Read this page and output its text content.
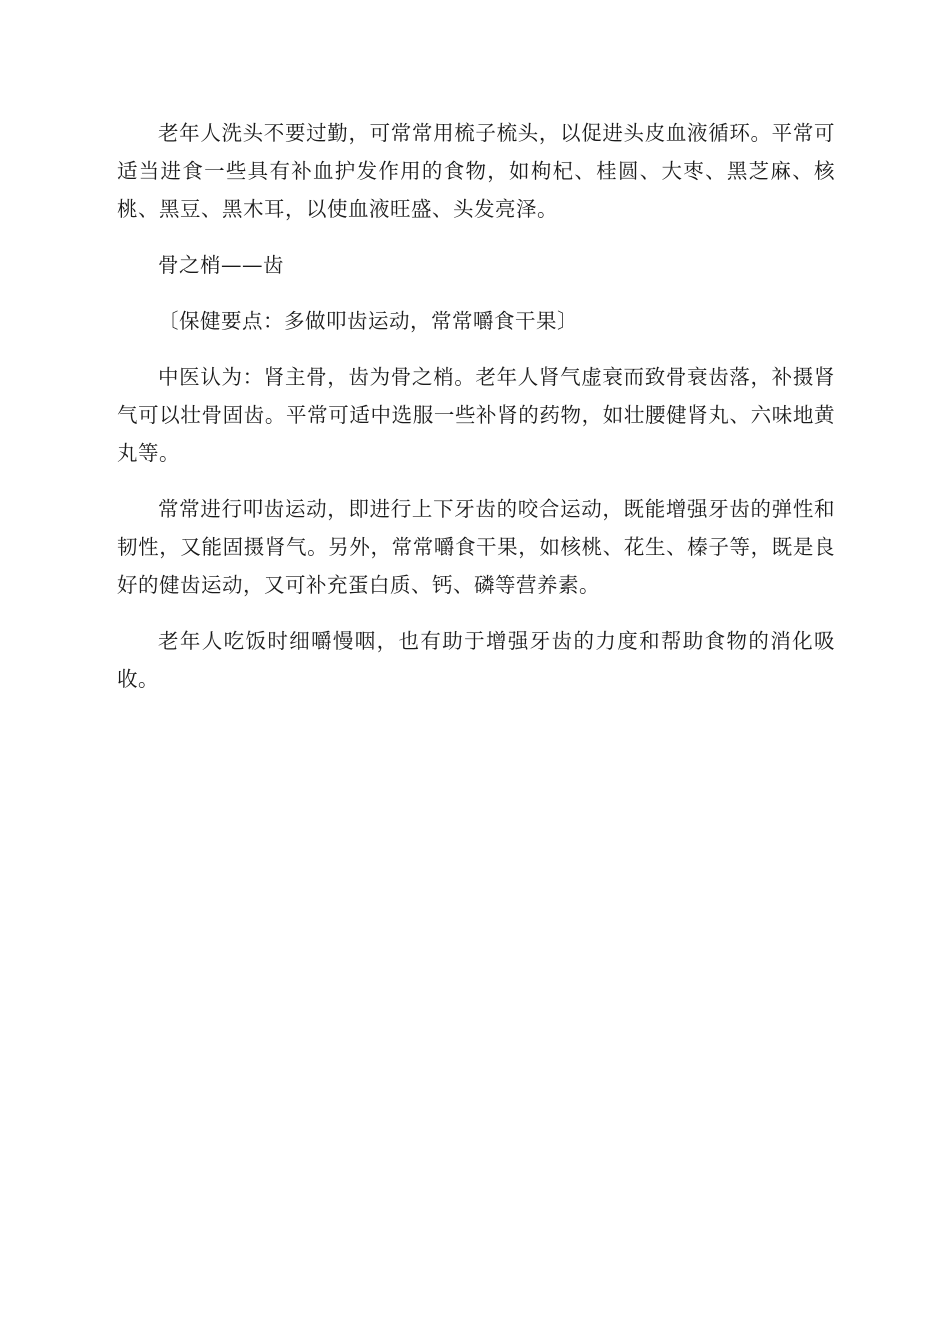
老年人洗头不要过勤，可常常用梳子梳头，以促进头皮血液循环。平常可适当进食一些具有补血护发作用的食物，如枸杞、桂圆、大枣、黑芝麻、核桃、黑豆、黑木耳，以使血液旺盛、头发亮泽。

骨之梢——齿

〔保健要点：多做叩齿运动，常常嚼食干果〕

中医认为：肾主骨，齿为骨之梢。老年人肾气虚衰而致骨衰齿落，补摄肾气可以壮骨固齿。平常可适中选服一些补肾的药物，如壮腰健肾丸、六味地黄丸等。

常常进行叩齿运动，即进行上下牙齿的咬合运动，既能增强牙齿的弹性和韧性，又能固摄肾气。另外，常常嚼食干果，如核桃、花生、榛子等，既是良好的健齿运动，又可补充蛋白质、钙、磷等营养素。

老年人吃饭时细嚼慢咽，也有助于增强牙齿的力度和帮助食物的消化吸收。
